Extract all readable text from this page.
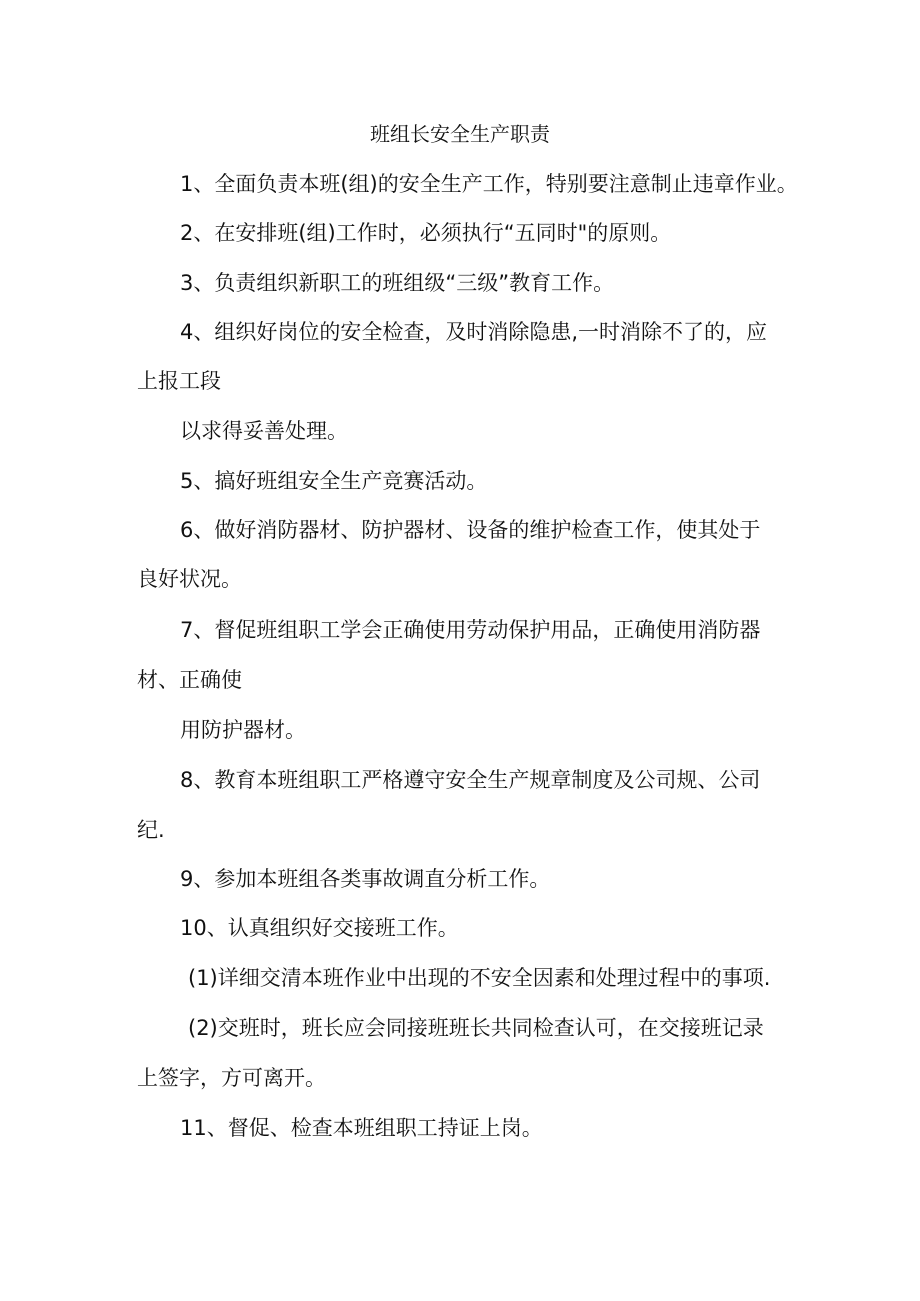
班组长安全生产职责
1、全面负责本班(组)的安全生产工作，特别要注意制止违章作业。
2、在安排班(组)工作时，必须执行“五同时"的原则。
3、负责组织新职工的班组级“三级”教育工作。
4、组织好岗位的安全检查，及时消除隐患,一时消除不了的，应
上报工段
以求得妥善处理。
5、搞好班组安全生产竞赛活动。
6、做好消防器材、防护器材、设备的维护检查工作，使其处于
良好状况。
7、督促班组职工学会正确使用劳动保护用品，正确使用消防器
材、正确使
用防护器材。
8、教育本班组职工严格遵守安全生产规章制度及公司规、公司
纪.
9、参加本班组各类事故调直分析工作。
10、认真组织好交接班工作。
(1)详细交清本班作业中出现的不安全因素和处理过程中的事项.
(2)交班时，班长应会同接班班长共同检查认可，在交接班记录
上签字，方可离开。
11、督促、检查本班组职工持证上岗。
